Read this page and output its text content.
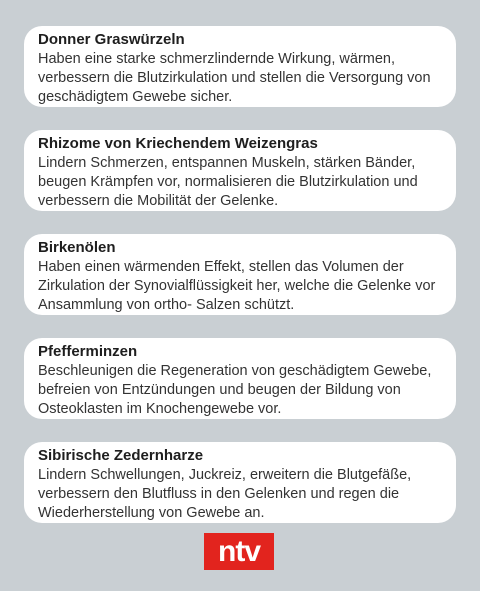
Donner Graswürzeln

Haben eine starke schmerzlindernde Wirkung, wärmen, verbessern die Blutzirkulation und stellen die Versorgung von geschädigtem Gewebe sicher.

Rhizome von Kriechendem Weizengras

Lindern Schmerzen, entspannen Muskeln, stärken Bänder, beugen Krämpfen vor, normalisieren die Blutzirkulation und verbessern die Mobilität der Gelenke.

Birkenölen

Haben einen wärmenden Effekt, stellen das Volumen der Zirkulation der Synovialflüssigkeit her, welche die Gelenke vor Ansammlung von ortho- Salzen schützt.

Pfefferminzen

Beschleunigen die Regeneration von geschädigtem Gewebe, befreien von Entzündungen und beugen der Bildung von Osteoklasten im Knochengewebe vor.

Sibirische Zedernharze

Lindern Schwellungen, Juckreiz, erweitern die Blutgefäße, verbessern den Blutfluss in den Gelenken und regen die Wiederherstellung von Gewebe an.

ntv
